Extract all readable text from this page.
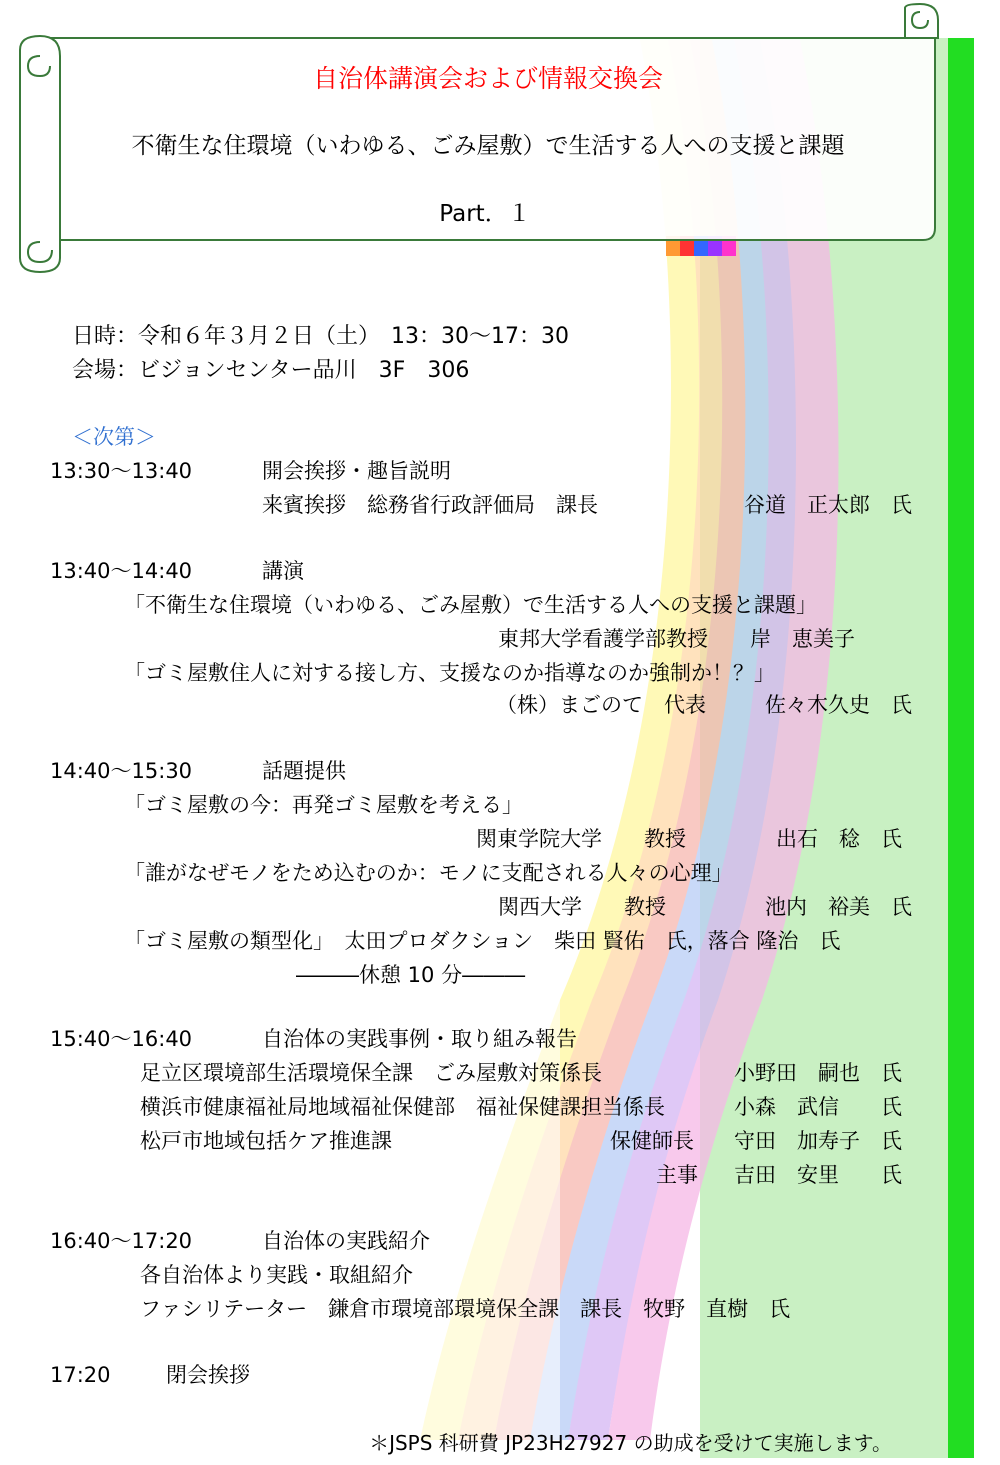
自治体講演会および情報交換会
不衛生な住環境（いわゆる、ごみ屋敷）で生活する人への支援と課題
Part．１
日時：令和６年３月２日（土）　13：30～17：30
会場：ビジョンセンター品川　3F　306
＜次第＞
13:30～13:40	開会挨拶・趣旨説明
来賓挨拶　総務省行政評価局　課長	谷道　正太郎　氏
13:40～14:40	講演
「不衛生な住環境（いわゆる、ごみ屋敷）で生活する人への支援と課題」
東邦大学看護学部教授　　岸　恵美子
「ゴミ屋敷住人に対する接し方、支援なのか指導なのか強制か！？」
（株）まごのて　代表	佐々木久史　氏
14:40～15:30	話題提供
「ゴミ屋敷の今：再発ゴミ屋敷を考える」
関東学院大学　　教授	出石　稔　氏
「誰がなぜモノをため込むのか：モノに支配される人々の心理」
関西大学　　教授	池内　裕美　氏
「ゴミ屋敷の類型化」　太田プロダクション　柴田 賢佑　氏，落合 隆治　氏
―――休憩 10 分―――
15:40～16:40	自治体の実践事例・取り組み報告
足立区環境部生活環境保全課　ごみ屋敷対策係長	小野田　嗣也　氏
横浜市健康福祉局地域福祉保健部　福祉保健課担当係長	小森　武信　　氏
松戸市地域包括ケア推進課	保健師長 守田　加寿子　氏
主事 吉田　安里　　氏
16:40～17:20	自治体の実践紹介
各自治体より実践・取組紹介
ファシリテーター　鎌倉市環境部環境保全課　課長　牧野　直樹　氏
17:20	閉会挨拶
＊JSPS 科研費 JP23H27927 の助成を受けて実施します。
